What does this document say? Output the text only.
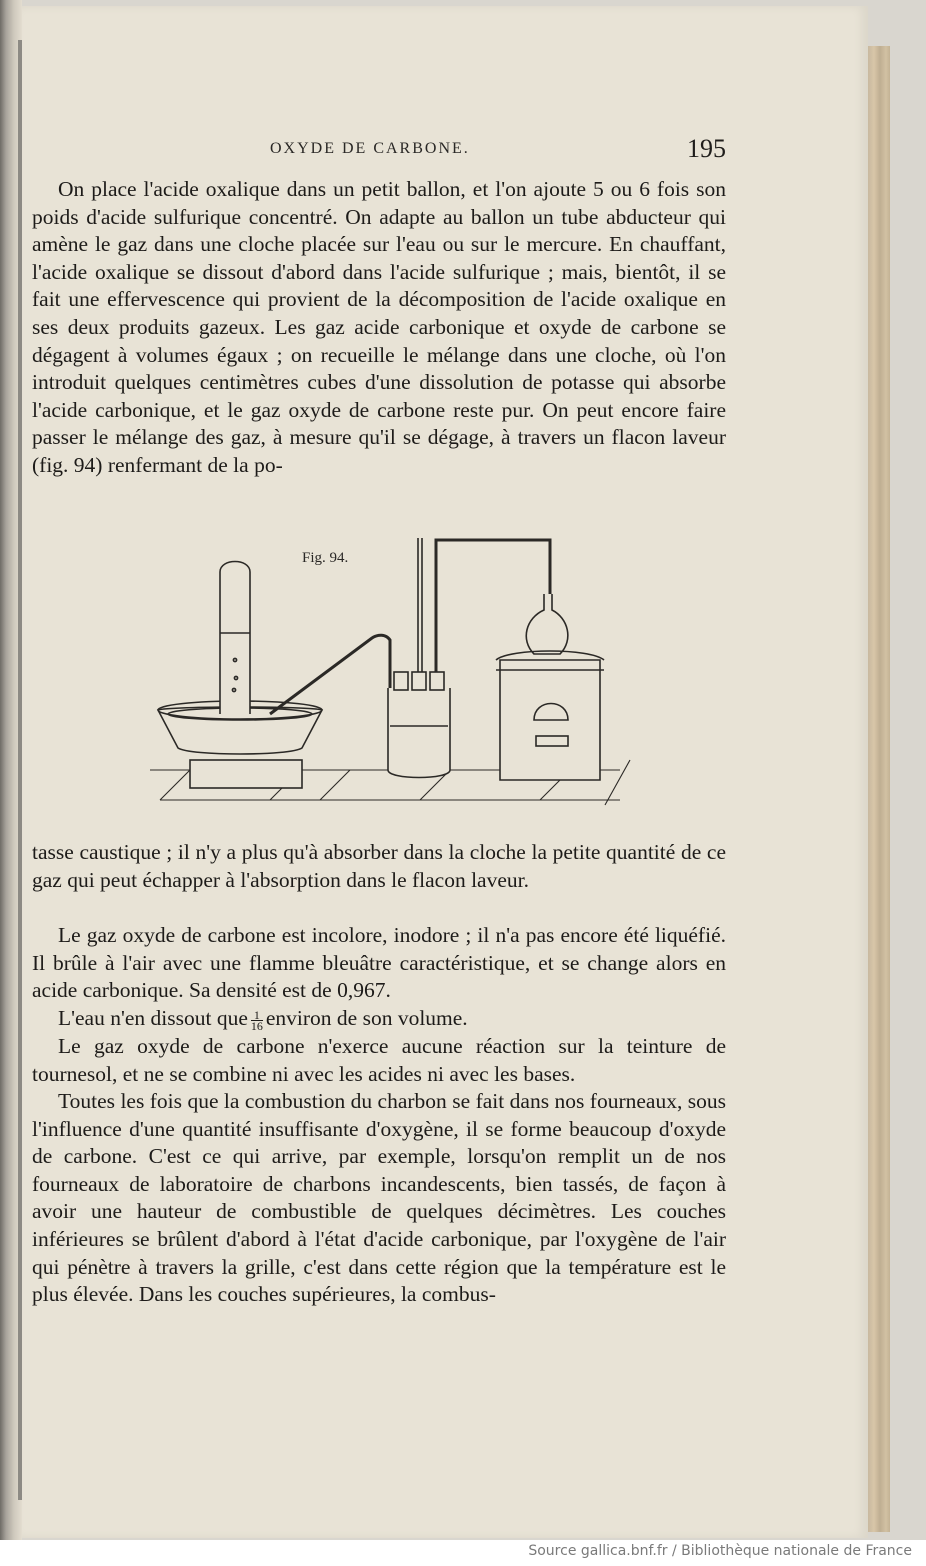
OXYDE DE CARBONE.	195
On place l'acide oxalique dans un petit ballon, et l'on ajoute 5 ou 6 fois son poids d'acide sulfurique concentré. On adapte au ballon un tube abducteur qui amène le gaz dans une cloche placée sur l'eau ou sur le mercure. En chauffant, l'acide oxalique se dissout d'abord dans l'acide sulfurique ; mais, bientôt, il se fait une effervescence qui provient de la décomposition de l'acide oxalique en ses deux produits gazeux. Les gaz acide carbonique et oxyde de carbone se dégagent à volumes égaux ; on recueille le mélange dans une cloche, où l'on introduit quelques centimètres cubes d'une dissolution de potasse qui absorbe l'acide carbonique, et le gaz oxyde de carbone reste pur. On peut encore faire passer le mélange des gaz, à mesure qu'il se dégage, à travers un flacon laveur (fig. 94) renfermant de la po-
Fig. 94.
tasse caustique ; il n'y a plus qu'à absorber dans la cloche la petite quantité de ce gaz qui peut échapper à l'absorption dans le flacon laveur.
Le gaz oxyde de carbone est incolore, inodore ; il n'a pas encore été liquéfié. Il brûle à l'air avec une flamme bleuâtre caractéristique, et se change alors en acide carbonique. Sa densité est de 0,967.
L'eau n'en dissout que $\frac{1}{16}$ environ de son volume.
Le gaz oxyde de carbone n'exerce aucune réaction sur la teinture de tournesol, et ne se combine ni avec les acides ni avec les bases.
Toutes les fois que la combustion du charbon se fait dans nos fourneaux, sous l'influence d'une quantité insuffisante d'oxygène, il se forme beaucoup d'oxyde de carbone. C'est ce qui arrive, par exemple, lorsqu'on remplit un de nos fourneaux de laboratoire de charbons incandescents, bien tassés, de façon à avoir une hauteur de combustible de quelques décimètres. Les couches inférieures se brûlent d'abord à l'état d'acide carbonique, par l'oxygène de l'air qui pénètre à travers la grille, c'est dans cette région que la température est le plus élevée. Dans les couches supérieures, la combus-
Source gallica.bnf.fr / Bibliothèque nationale de France
